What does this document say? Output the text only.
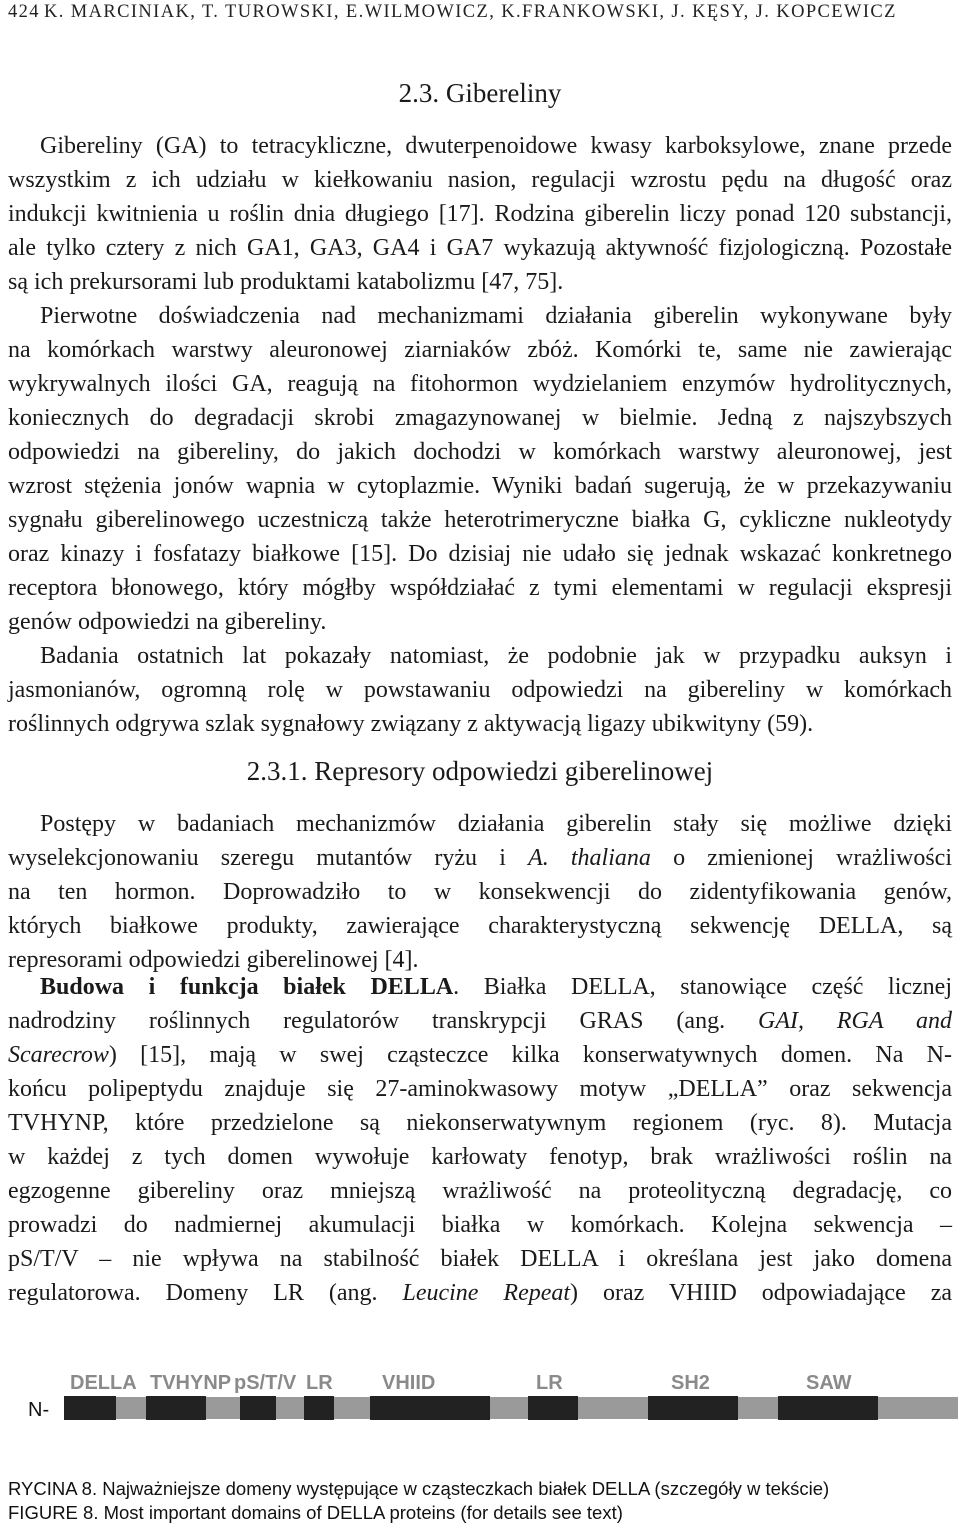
424 K. MARCINIAK, T. TUROWSKI, E.WILMOWICZ, K.FRANKOWSKI, J. KĘSY, J. KOPCEWICZ
2.3. Gibereliny
Gibereliny (GA) to tetracykliczne, dwuterpenoidowe kwasy karboksylowe, znane przede
wszystkim z ich udziału w kiełkowaniu nasion, regulacji wzrostu pędu na długość oraz
indukcji kwitnienia u roślin dnia długiego [17]. Rodzina giberelin liczy ponad 120 substancji,
ale tylko cztery z nich GA1, GA3, GA4 i GA7 wykazują aktywność fizjologiczną. Pozostałe
są ich prekursorami lub produktami katabolizmu [47, 75].
Pierwotne doświadczenia nad mechanizmami działania giberelin wykonywane były
na komórkach warstwy aleuronowej ziarniaków zbóż. Komórki te, same nie zawierając
wykrywalnych ilości GA, reagują na fitohormon wydzielaniem enzymów hydrolitycznych,
koniecznych do degradacji skrobi zmagazynowanej w bielmie. Jedną z najszybszych
odpowiedzi na gibereliny, do jakich dochodzi w komórkach warstwy aleuronowej, jest
wzrost stężenia jonów wapnia w cytoplazmie. Wyniki badań sugerują, że w przekazywaniu
sygnału giberelinowego uczestniczą także heterotrimeryczne białka G, cykliczne nukleotydy
oraz kinazy i fosfatazy białkowe [15]. Do dzisiaj nie udało się jednak wskazać konkretnego
receptora błonowego, który mógłby współdziałać z tymi elementami w regulacji ekspresji
genów odpowiedzi na gibereliny.
Badania ostatnich lat pokazały natomiast, że podobnie jak w przypadku auksyn i
jasmonianów, ogromną rolę w powstawaniu odpowiedzi na gibereliny w komórkach
roślinnych odgrywa szlak sygnałowy związany z aktywacją ligazy ubikwityny (59).
2.3.1. Represory odpowiedzi giberelinowej
Postępy w badaniach mechanizmów działania giberelin stały się możliwe dzięki
wyselekcjonowaniu szeregu mutantów ryżu i A. thaliana o zmienionej wrażliwości
na ten hormon. Doprowadziło to w konsekwencji do zidentyfikowania genów,
których białkowe produkty, zawierające charakterystyczną sekwencję DELLA, są
represorami odpowiedzi giberelinowej [4].
Budowa i funkcja białek DELLA. Białka DELLA, stanowiące część licznej
nadrodziny roślinnych regulatorów transkrypcji GRAS (ang. GAI, RGA and
Scarecrow) [15], mają w swej cząsteczce kilka konserwatywnych domen. Na N-
końcu polipeptydu znajduje się 27-aminokwasowy motyw „DELLA” oraz sekwencja
TVHYNP, które przedzielone są niekonserwatywnym regionem (ryc. 8). Mutacja
w każdej z tych domen wywołuje karłowaty fenotyp, brak wrażliwości roślin na
egzogenne gibereliny oraz mniejszą wrażliwość na proteolityczną degradację, co
prowadzi do nadmiernej akumulacji białka w komórkach. Kolejna sekwencja –
pS/T/V – nie wpływa na stabilność białek DELLA i określana jest jako domena
regulatorowa. Domeny LR (ang. Leucine Repeat) oraz VHIID odpowiadające za
N-
DELLA TVHYNP pS/T/V LR VHIID	LR	SH2	SAW
RYCINA 8. Najważniejsze domeny występujące w cząsteczkach białek DELLA (szczegóły w tekście)
FIGURE 8. Most important domains of DELLA proteins (for details see text)
